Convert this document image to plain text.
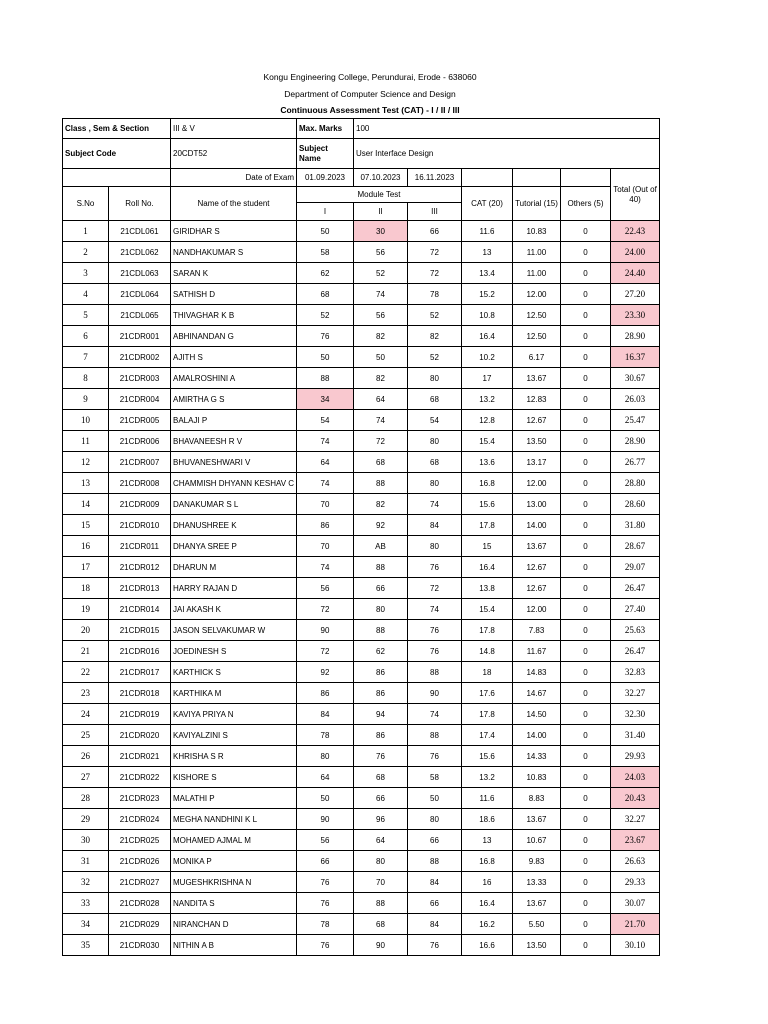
Kongu Engineering College, Perundurai, Erode - 638060
Department of Computer Science and Design
Continuous Assessment Test (CAT) - I / II / III
Class , Sem & Section		III & V	Max. Marks	100					
Subject Code		20CDT52	Subject Name	User Interface Design					
		Date of Exam	01.09.2023	07.10.2023	16.11.2023				Total (Out of 40)
S.No	Roll No.	Name of the student	Module Test			CAT (20)	Tutorial (15)	Others (5)	
			I	II	III				
1	21CDL061	GIRIDHAR S	50	30	66	11.6	10.83	0	22.43
2	21CDL062	NANDHAKUMAR S	58	56	72	13	11.00	0	24.00
3	21CDL063	SARAN K	62	52	72	13.4	11.00	0	24.40
4	21CDL064	SATHISH D	68	74	78	15.2	12.00	0	27.20
5	21CDL065	THIVAGHAR K B	52	56	52	10.8	12.50	0	23.30
6	21CDR001	ABHINANDAN G	76	82	82	16.4	12.50	0	28.90
7	21CDR002	AJITH S	50	50	52	10.2	6.17	0	16.37
8	21CDR003	AMALROSHINI A	88	82	80	17	13.67	0	30.67
9	21CDR004	AMIRTHA G S	34	64	68	13.2	12.83	0	26.03
10	21CDR005	BALAJI P	54	74	54	12.8	12.67	0	25.47
11	21CDR006	BHAVANEESH R V	74	72	80	15.4	13.50	0	28.90
12	21CDR007	BHUVANESHWARI V	64	68	68	13.6	13.17	0	26.77
13	21CDR008	CHAMMISH DHYANN KESHAV C	74	88	80	16.8	12.00	0	28.80
14	21CDR009	DANAKUMAR S L	70	82	74	15.6	13.00	0	28.60
15	21CDR010	DHANUSHREE K	86	92	84	17.8	14.00	0	31.80
16	21CDR011	DHANYA SREE P	70	AB	80	15	13.67	0	28.67
17	21CDR012	DHARUN M	74	88	76	16.4	12.67	0	29.07
18	21CDR013	HARRY RAJAN D	56	66	72	13.8	12.67	0	26.47
19	21CDR014	JAI AKASH K	72	80	74	15.4	12.00	0	27.40
20	21CDR015	JASON SELVAKUMAR W	90	88	76	17.8	7.83	0	25.63
21	21CDR016	JOEDINESH S	72	62	76	14.8	11.67	0	26.47
22	21CDR017	KARTHICK S	92	86	88	18	14.83	0	32.83
23	21CDR018	KARTHIKA M	86	86	90	17.6	14.67	0	32.27
24	21CDR019	KAVIYA PRIYA N	84	94	74	17.8	14.50	0	32.30
25	21CDR020	KAVIYALZINI S	78	86	88	17.4	14.00	0	31.40
26	21CDR021	KHRISHA S R	80	76	76	15.6	14.33	0	29.93
27	21CDR022	KISHORE S	64	68	58	13.2	10.83	0	24.03
28	21CDR023	MALATHI P	50	66	50	11.6	8.83	0	20.43
29	21CDR024	MEGHA NANDHINI K L	90	96	80	18.6	13.67	0	32.27
30	21CDR025	MOHAMED AJMAL M	56	64	66	13	10.67	0	23.67
31	21CDR026	MONIKA P	66	80	88	16.8	9.83	0	26.63
32	21CDR027	MUGESHKRISHNA N	76	70	84	16	13.33	0	29.33
33	21CDR028	NANDITA S	76	88	66	16.4	13.67	0	30.07
34	21CDR029	NIRANCHAN D	78	68	84	16.2	5.50	0	21.70
35	21CDR030	NITHIN A B	76	90	76	16.6	13.50	0	30.10
